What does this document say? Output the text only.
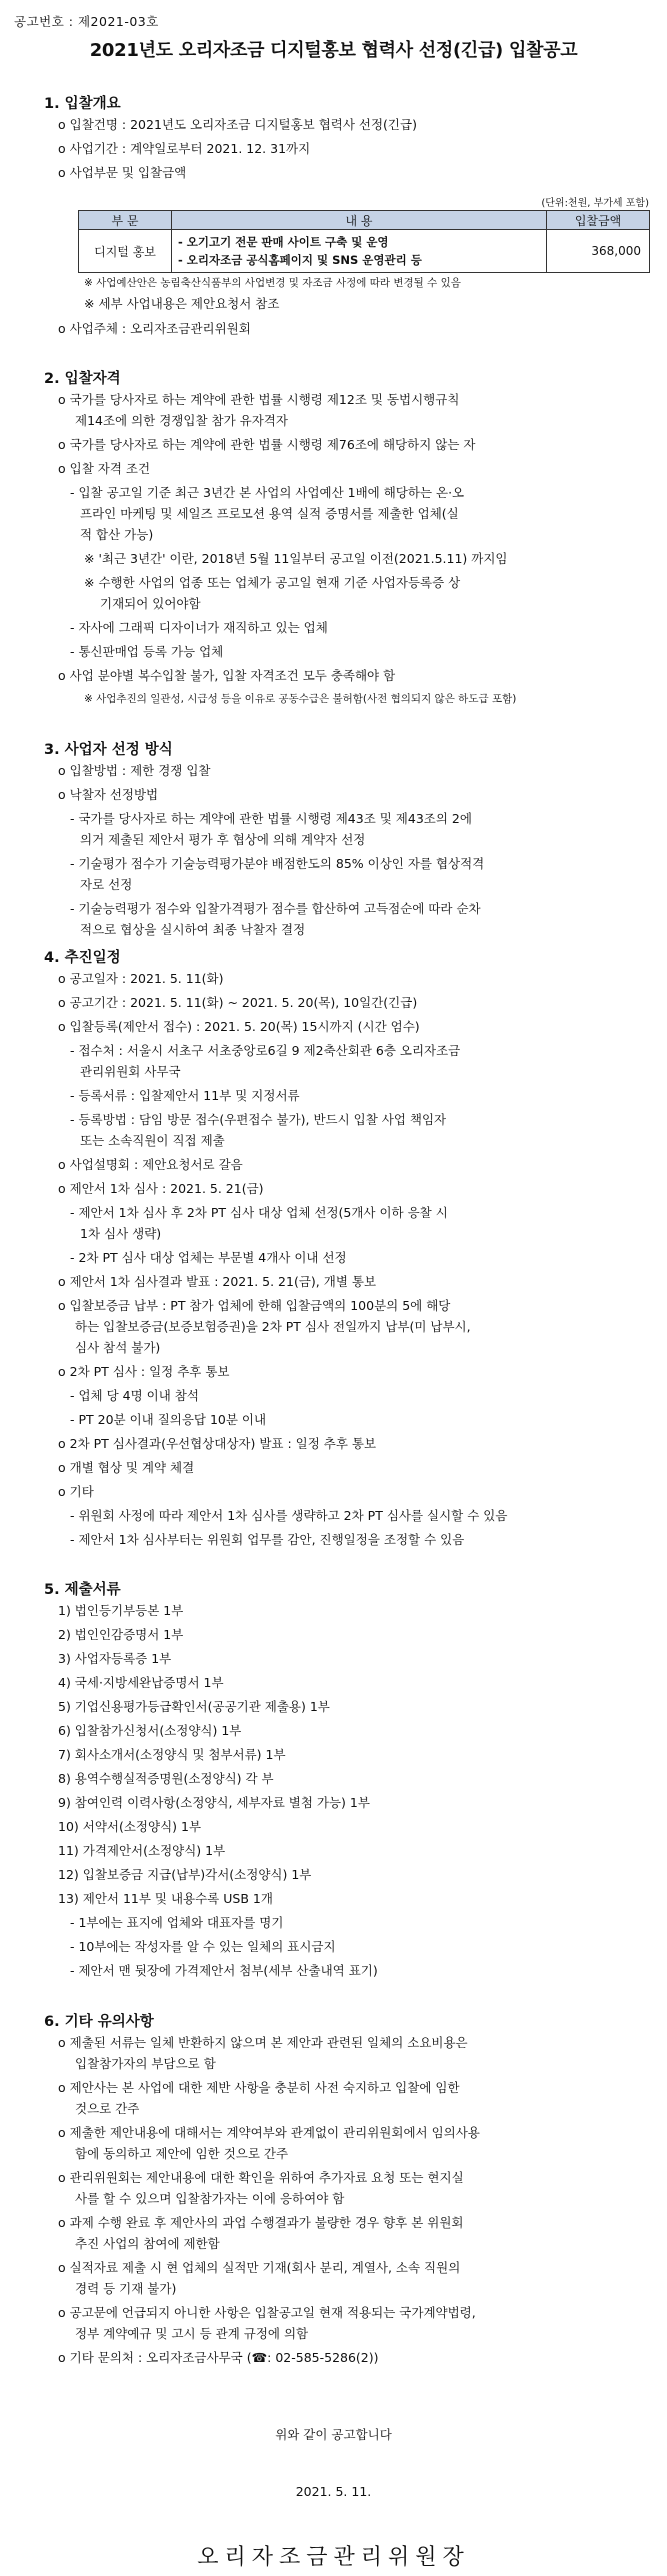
공고번호 : 제2021-03호
2021년도 오리자조금 디지털홍보 협력사 선정(긴급) 입찰공고
1. 입찰개요
o 입찰건명 : 2021년도 오리자조금 디지털홍보 협력사 선정(긴급)
o 사업기간 : 계약일로부터 2021. 12. 31까지
o 사업부문 및 입찰금액
(단위:천원, 부가세 포함)
부 문	내 용	입찰금액
디지털 홍보	- 오기고기 전문 판매 사이트 구축 및 운영
- 오리자조금 공식홈페이지 및 SNS 운영관리 등	368,000
※ 사업예산안은 농림축산식품부의 사업변경 및 자조금 사정에 따라 변경될 수 있음
※ 세부 사업내용은 제안요청서 참조
o 사업주체 : 오리자조금관리위원회
2. 입찰자격
o 국가를 당사자로 하는 계약에 관한 법률 시행령 제12조 및 동법시행규칙
제14조에 의한 경쟁입찰 참가 유자격자
o 국가를 당사자로 하는 계약에 관한 법률 시행령 제76조에 해당하지 않는 자
o 입찰 자격 조건
- 입찰 공고일 기준 최근 3년간 본 사업의 사업예산 1배에 해당하는 온·오
프라인 마케팅 및 세일즈 프로모션 용역 실적 증명서를 제출한 업체(실
적 합산 가능)
※ '최근 3년간' 이란, 2018년 5월 11일부터 공고일 이전(2021.5.11) 까지임
※ 수행한 사업의 업종 또는 업체가 공고일 현재 기준 사업자등록증 상
기재되어 있어야함
- 자사에 그래픽 디자이너가 재직하고 있는 업체
- 통신판매업 등록 가능 업체
o 사업 분야별 복수입찰 불가, 입찰 자격조건 모두 충족해야 함
※ 사업추진의 일관성, 시급성 등을 이유로 공동수급은 불허함(사전 협의되지 않은 하도급 포함)
3. 사업자 선정 방식
o 입찰방법 : 제한 경쟁 입찰
o 낙찰자 선정방법
- 국가를 당사자로 하는 계약에 관한 법률 시행령 제43조 및 제43조의 2에
의거 제출된 제안서 평가 후 협상에 의해 계약자 선정
- 기술평가 점수가 기술능력평가분야 배점한도의 85% 이상인 자를 협상적격
자로 선정
- 기술능력평가 점수와 입찰가격평가 점수를 합산하여 고득점순에 따라 순차
적으로 협상을 실시하여 최종 낙찰자 결정
4. 추진일정
o 공고일자 : 2021. 5. 11(화)
o 공고기간 : 2021. 5. 11(화) ~ 2021. 5. 20(목), 10일간(긴급)
o 입찰등록(제안서 접수) : 2021. 5. 20(목) 15시까지 (시간 엄수)
- 접수처 : 서울시 서초구 서초중앙로6길 9 제2축산회관 6층 오리자조금
관리위원회 사무국
- 등록서류 : 입찰제안서 11부 및 지정서류
- 등록방법 : 담임 방문 접수(우편접수 불가), 반드시 입찰 사업 책임자
또는 소속직원이 직접 제출
o 사업설명회 : 제안요청서로 갈음
o 제안서 1차 심사 : 2021. 5. 21(금)
- 제안서 1차 심사 후 2차 PT 심사 대상 업체 선정(5개사 이하 응찰 시
1차 심사 생략)
- 2차 PT 심사 대상 업체는 부문별 4개사 이내 선정
o 제안서 1차 심사결과 발표 : 2021. 5. 21(금), 개별 통보
o 입찰보증금 납부 : PT 참가 업체에 한해 입찰금액의 100분의 5에 해당
하는 입찰보증금(보증보험증권)을 2차 PT 심사 전일까지 납부(미 납부시,
심사 참석 불가)
o 2차 PT 심사 : 일정 추후 통보
- 업체 당 4명 이내 참석
- PT 20분 이내 질의응답 10분 이내
o 2차 PT 심사결과(우선협상대상자) 발표 : 일정 추후 통보
o 개별 협상 및 계약 체결
o 기타
- 위원회 사정에 따라 제안서 1차 심사를 생략하고 2차 PT 심사를 실시할 수 있음
- 제안서 1차 심사부터는 위원회 업무를 감안, 진행일정을 조정할 수 있음
5. 제출서류
1) 법인등기부등본 1부
2) 법인인감증명서 1부
3) 사업자등록증 1부
4) 국세·지방세완납증명서 1부
5) 기업신용평가등급확인서(공공기관 제출용) 1부
6) 입찰참가신청서(소정양식) 1부
7) 회사소개서(소정양식 및 첨부서류) 1부
8) 용역수행실적증명원(소정양식) 각 부
9) 참여인력 이력사항(소정양식, 세부자료 별첨 가능) 1부
10) 서약서(소정양식) 1부
11) 가격제안서(소정양식) 1부
12) 입찰보증금 지급(납부)각서(소정양식) 1부
13) 제안서 11부 및 내용수록 USB 1개
- 1부에는 표지에 업체와 대표자를 명기
- 10부에는 작성자를 알 수 있는 일체의 표시금지
- 제안서 맨 뒷장에 가격제안서 첨부(세부 산출내역 표기)
6. 기타 유의사항
o 제출된 서류는 일체 반환하지 않으며 본 제안과 관련된 일체의 소요비용은
입찰참가자의 부담으로 함
o 제안사는 본 사업에 대한 제반 사항을 충분히 사전 숙지하고 입찰에 임한
것으로 간주
o 제출한 제안내용에 대해서는 계약여부와 관계없이 관리위원회에서 임의사용
함에 동의하고 제안에 임한 것으로 간주
o 관리위원회는 제안내용에 대한 확인을 위하여 추가자료 요청 또는 현지실
사를 할 수 있으며 입찰참가자는 이에 응하여야 함
o 과제 수행 완료 후 제안사의 과업 수행결과가 불량한 경우 향후 본 위원회
추진 사업의 참여에 제한함
o 실적자료 제출 시 현 업체의 실적만 기재(회사 분리, 계열사, 소속 직원의
경력 등 기재 불가)
o 공고문에 언급되지 아니한 사항은 입찰공고일 현재 적용되는 국가계약법령,
정부 계약예규 및 고시 등 관계 규정에 의함
o 기타 문의처 : 오리자조금사무국 (☎: 02-585-5286(2))
위와 같이 공고합니다
2021. 5. 11.
오리자조금관리위원장
